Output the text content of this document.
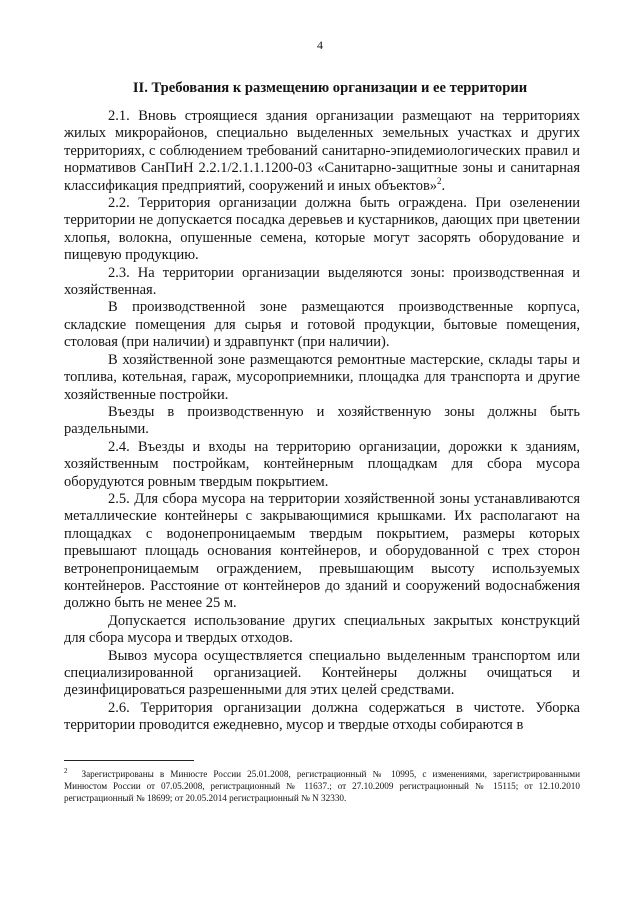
4
II. Требования к размещению организации и ее территории

2.1. Вновь строящиеся здания организации размещают на территориях жилых микрорайонов, специально выделенных земельных участках и других территориях, с соблюдением требований санитарно-эпидемиологических правил и нормативов СанПиН 2.2.1/2.1.1.1200-03 «Санитарно-защитные зоны и санитарная классификация предприятий, сооружений и иных объектов»$^2$.

2.2. Территория организации должна быть ограждена. При озеленении территории не допускается посадка деревьев и кустарников, дающих при цветении хлопья, волокна, опушенные семена, которые могут засорять оборудование и пищевую продукцию.

2.3. На территории организации выделяются зоны: производственная и хозяйственная.

В производственной зоне размещаются производственные корпуса, складские помещения для сырья и готовой продукции, бытовые помещения, столовая (при наличии) и здравпункт (при наличии).

В хозяйственной зоне размещаются ремонтные мастерские, склады тары и топлива, котельная, гараж, мусороприемники, площадка для транспорта и другие хозяйственные постройки.

Въезды в производственную и хозяйственную зоны должны быть раздельными.

2.4. Въезды и входы на территорию организации, дорожки к зданиям, хозяйственным постройкам, контейнерным площадкам для сбора мусора оборудуются ровным твердым покрытием.

2.5. Для сбора мусора на территории хозяйственной зоны устанавливаются металлические контейнеры с закрывающимися крышками. Их располагают на площадках с водонепроницаемым твердым покрытием, размеры которых превышают площадь основания контейнеров, и оборудованной с трех сторон ветронепроницаемым ограждением, превышающим высоту используемых контейнеров. Расстояние от контейнеров до зданий и сооружений водоснабжения должно быть не менее 25 м.

Допускается использование других специальных закрытых конструкций для сбора мусора и твердых отходов.

Вывоз мусора осуществляется специально выделенным транспортом или специализированной организацией. Контейнеры должны очищаться и дезинфицироваться разрешенными для этих целей средствами.

2.6. Территория организации должна содержаться в чистоте. Уборка территории проводится ежедневно, мусор и твердые отходы собираются в

$^2$ Зарегистрированы в Минюсте России 25.01.2008, регистрационный № 10995, с изменениями, зарегистрированными Минюстом России от 07.05.2008, регистрационный № 11637.; от 27.10.2009 регистрационный № 15115; от 12.10.2010 регистрационный № 18699; от 20.05.2014 регистрационный № N 32330.
